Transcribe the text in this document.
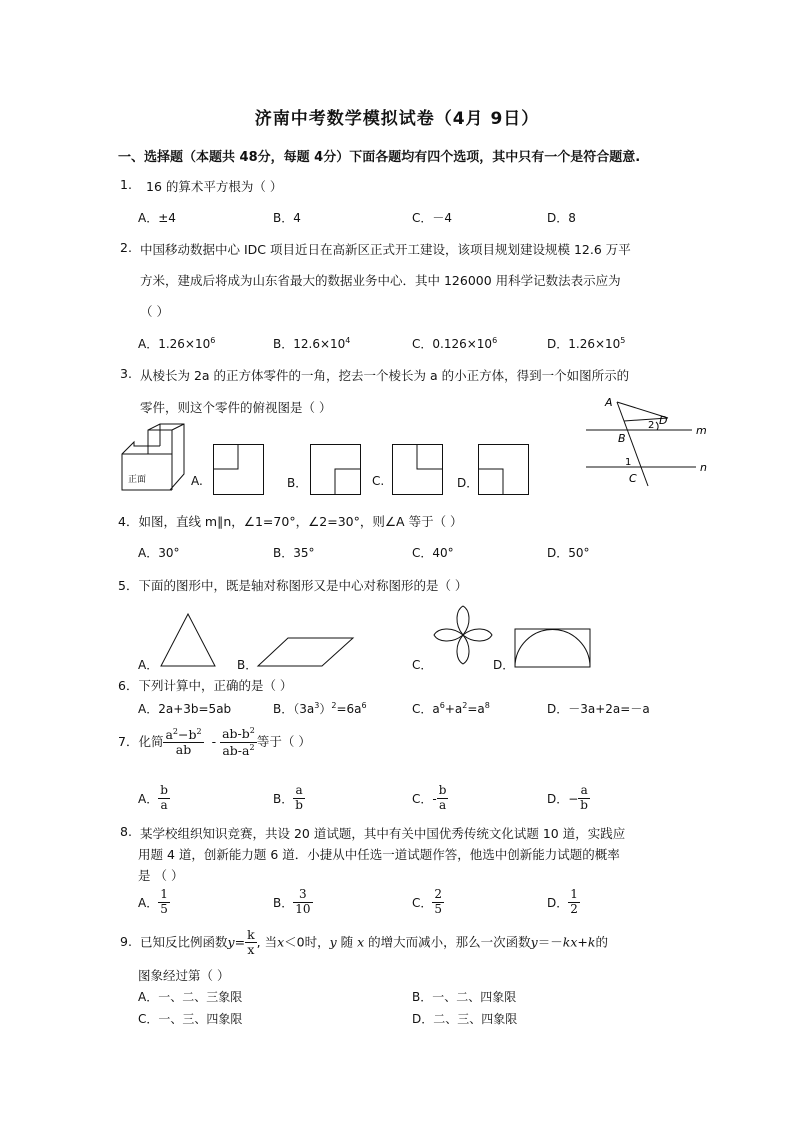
济南中考数学模拟试卷（4月 9日）
一、选择题（本题共 48分，每题 4分）下面各题均有四个选项，其中只有一个是符合题意.
1. 16 的算术平方根为（ ）
A．±4	B．4	C．－4	D．8
2. 中国移动数据中心 IDC 项目近日在高新区正式开工建设，该项目规划建设规模 12.6 万平
方米，建成后将成为山东省最大的数据业务中心．其中 126000 用科学记数法表示应为
（ ）
A．$1.26\times 10^6$	B．$12.6\times 10^4$	C．$0.126\times 10^6$	D．$1.26\times 10^5$
3. 从棱长为 2a 的正方体零件的一角，挖去一个棱长为 a 的小正方体，得到一个如图所示的
零件，则这个零件的俯视图是（ ）
正面	A.	B．	C.	D．
A
D
B
C
m
n
1
2
4．如图，直线 m∥n，∠1=70°，∠2=30°，则∠A 等于（ ）
A．30°	B．35°	C．40°	D．50°
5．下面的图形中，既是轴对称图形又是中心对称图形的是（ ）
A．	B．	C．	D．
6．下列计算中，正确的是（ ）
A．2a+3b=5ab	B．$(3a^3)^2=6a^6$	C．$a^6+a^2=a^8$	D．－3a+2a=－a
7．化简 $\frac{a^2-b^2}{ab} - \frac{ab-b^2}{ab-a^2}$ 等于（ ）
A． $\frac{b}{a}$	B． $\frac{a}{b}$	C．- $\frac{b}{a}$	D．− $\frac{a}{b}$
8. 某学校组织知识竞赛，共设 20 道试题，其中有关中国优秀传统文化试题 10 道，实践应
用题 4 道，创新能力题 6 道．小捷从中任选一道试题作答，他选中创新能力试题的概率
是 （ ）
A． $\frac{1}{5}$	B． $\frac{3}{10}$	C． $\frac{2}{5}$	D． $\frac{1}{2}$
9. 已知反比例函数$y= \frac{k}{x}$ , 当x＜0时，y 随 x 的增大而减小，那么一次函数y＝－kx+k的
图象经过第（ ）
A．一、二、三象限	B．一、二、四象限
C．一、三、四象限	D．二、三、四象限
